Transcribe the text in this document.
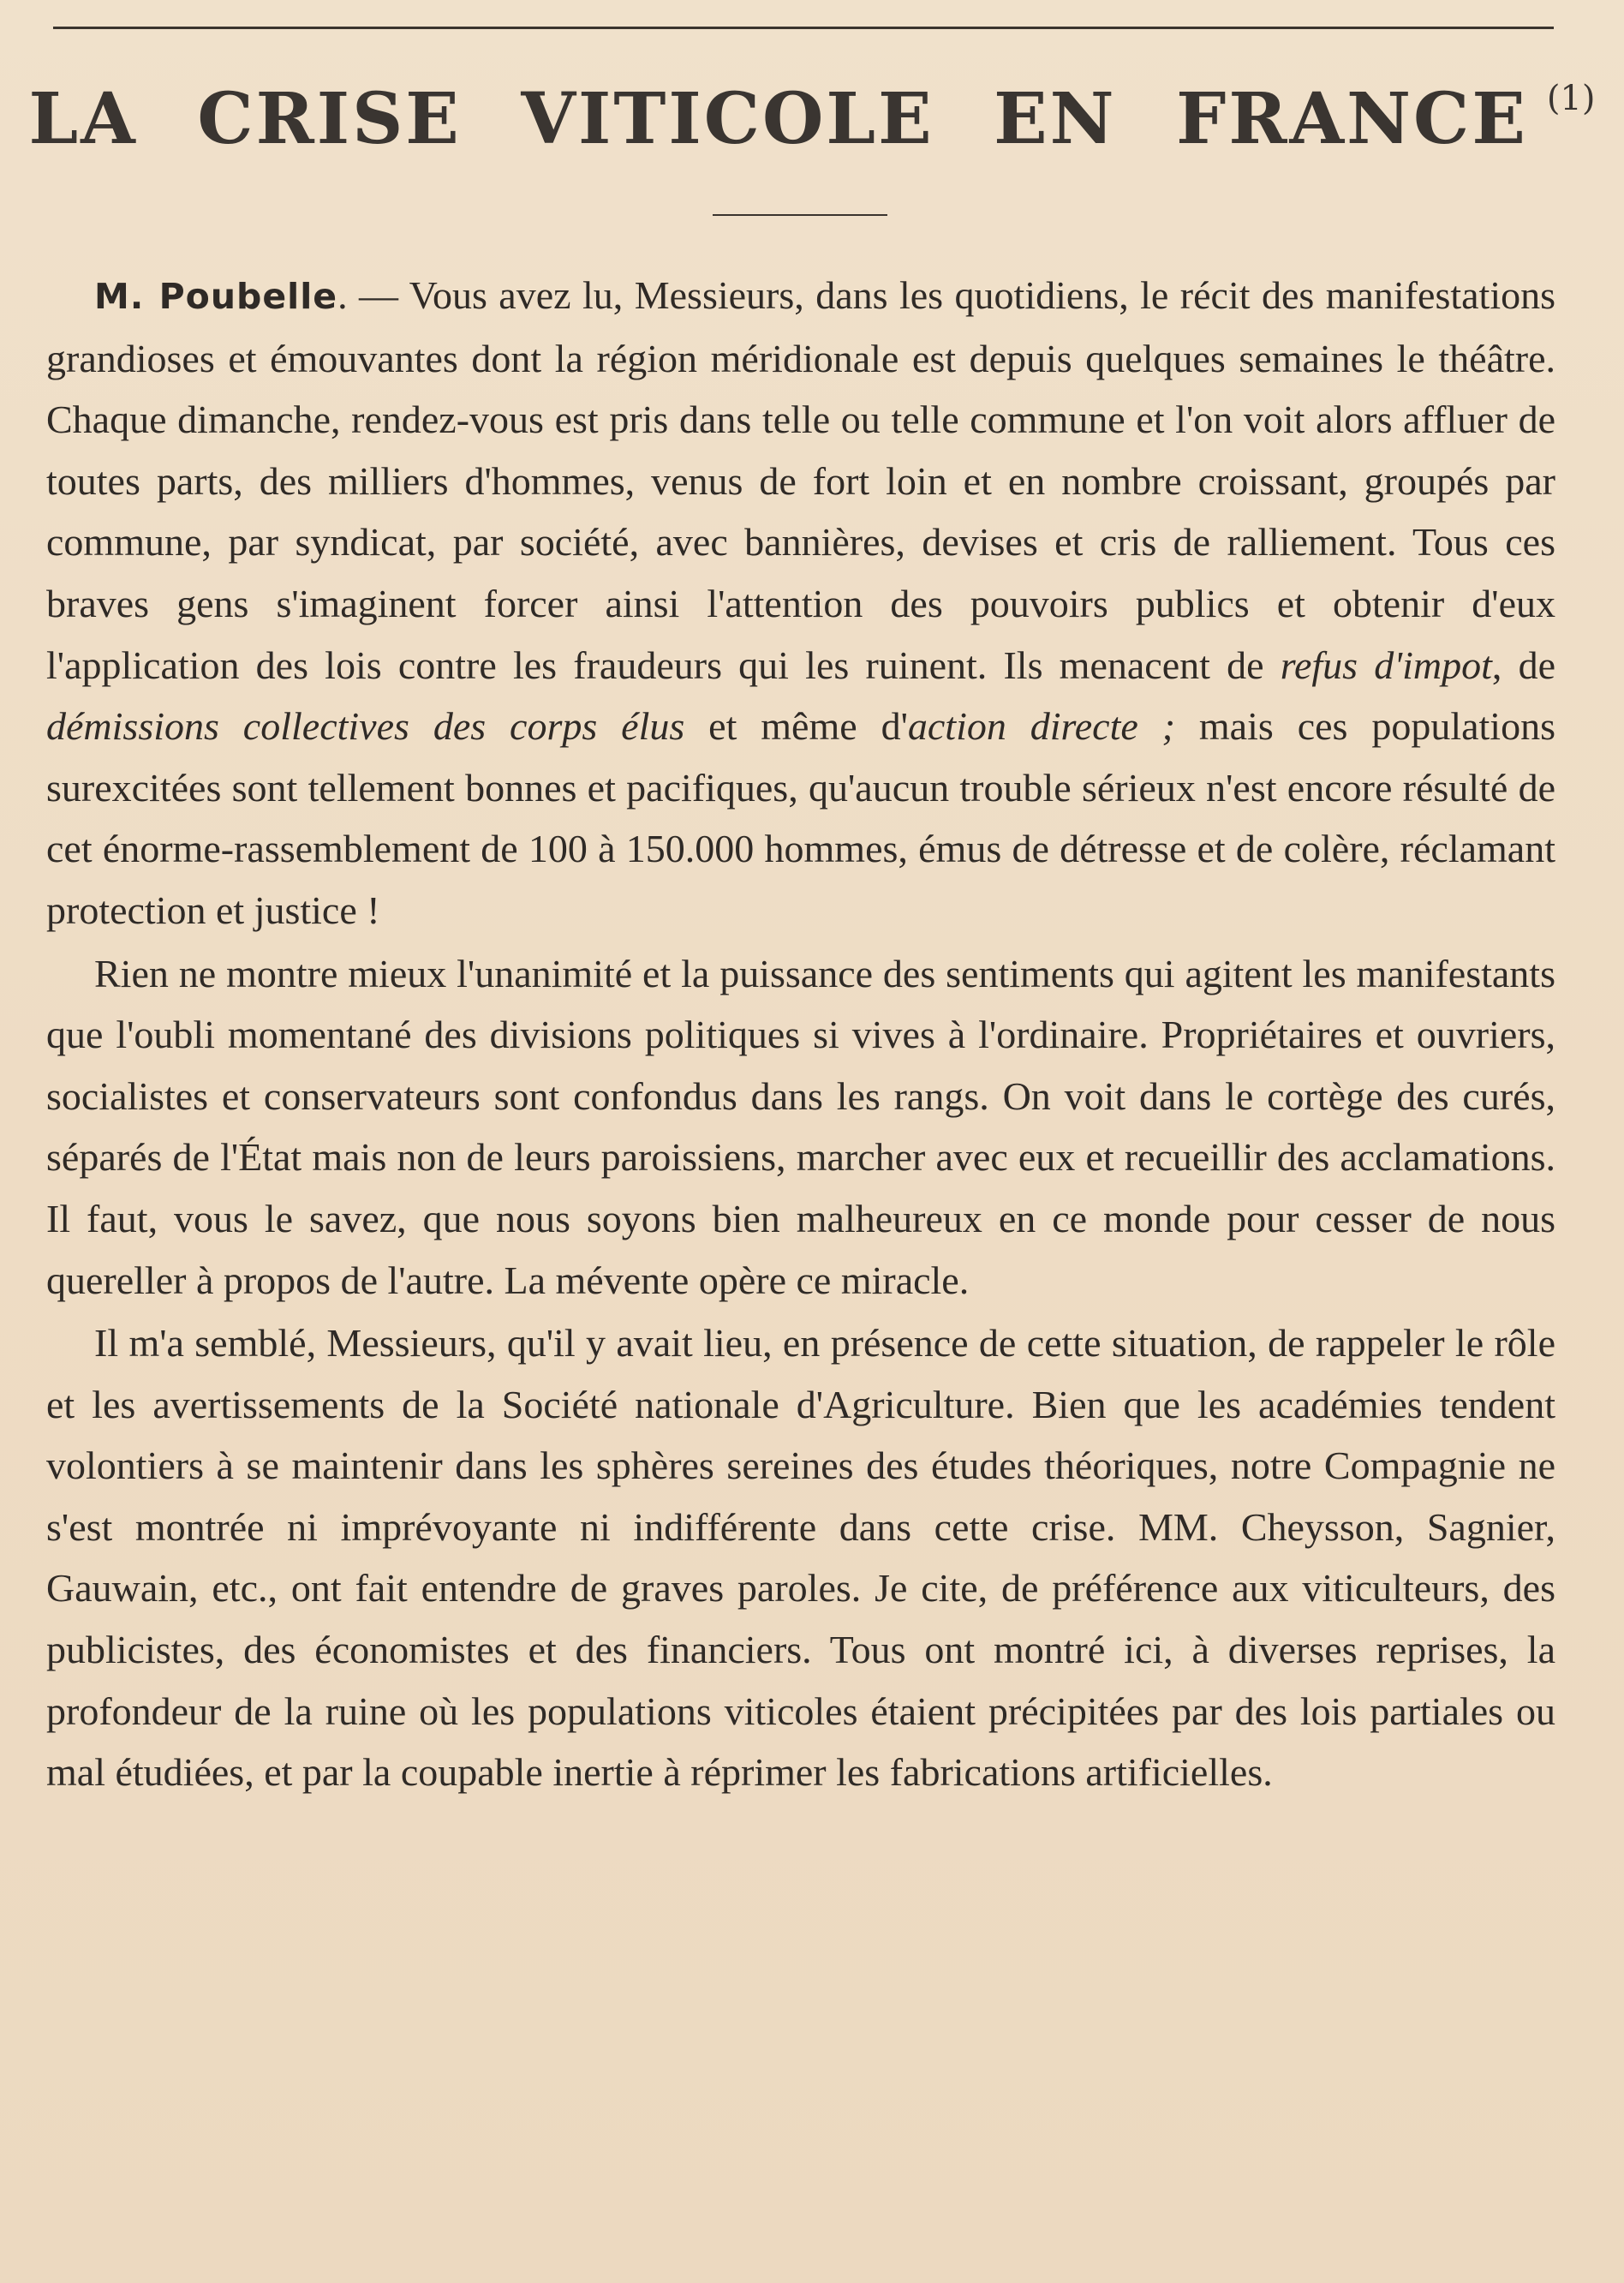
LA CRISE VITICOLE EN FRANCE (1)

M. Poubelle. — Vous avez lu, Messieurs, dans les quotidiens, le récit des manifestations grandioses et émouvantes dont la région méridionale est depuis quelques semaines le théâtre. Chaque dimanche, rendez-vous est pris dans telle ou telle commune et l'on voit alors affluer de toutes parts, des milliers d'hommes, venus de fort loin et en nombre croissant, groupés par commune, par syndicat, par société, avec bannières, devises et cris de ralliement. Tous ces braves gens s'imaginent forcer ainsi l'attention des pouvoirs publics et obtenir d'eux l'application des lois contre les fraudeurs qui les ruinent. Ils menacent de refus d'impot, de démissions collectives des corps élus et même d'action directe ; mais ces populations surexcitées sont tellement bonnes et pacifiques, qu'aucun trouble sérieux n'est encore résulté de cet énorme-rassemblement de 100 à 150.000 hommes, émus de détresse et de colère, réclamant protection et justice !

Rien ne montre mieux l'unanimité et la puissance des sentiments qui agitent les manifestants que l'oubli momentané des divisions politiques si vives à l'ordinaire. Propriétaires et ouvriers, socialistes et conservateurs sont confondus dans les rangs. On voit dans le cortège des curés, séparés de l'État mais non de leurs paroissiens, marcher avec eux et recueillir des acclamations. Il faut, vous le savez, que nous soyons bien malheureux en ce monde pour cesser de nous quereller à propos de l'autre. La mévente opère ce miracle.

Il m'a semblé, Messieurs, qu'il y avait lieu, en présence de cette situation, de rappeler le rôle et les avertissements de la Société nationale d'Agriculture. Bien que les académies tendent volontiers à se maintenir dans les sphères sereines des études théoriques, notre Compagnie ne s'est montrée ni imprévoyante ni indifférente dans cette crise. MM. Cheysson, Sagnier, Gauwain, etc., ont fait entendre de graves paroles. Je cite, de préférence aux viticulteurs, des publicistes, des économistes et des financiers. Tous ont montré ici, à diverses reprises, la profondeur de la ruine où les populations viticoles étaient précipitées par des lois partiales ou mal étudiées, et par la coupable inertie à réprimer les fabrications artificielles.
